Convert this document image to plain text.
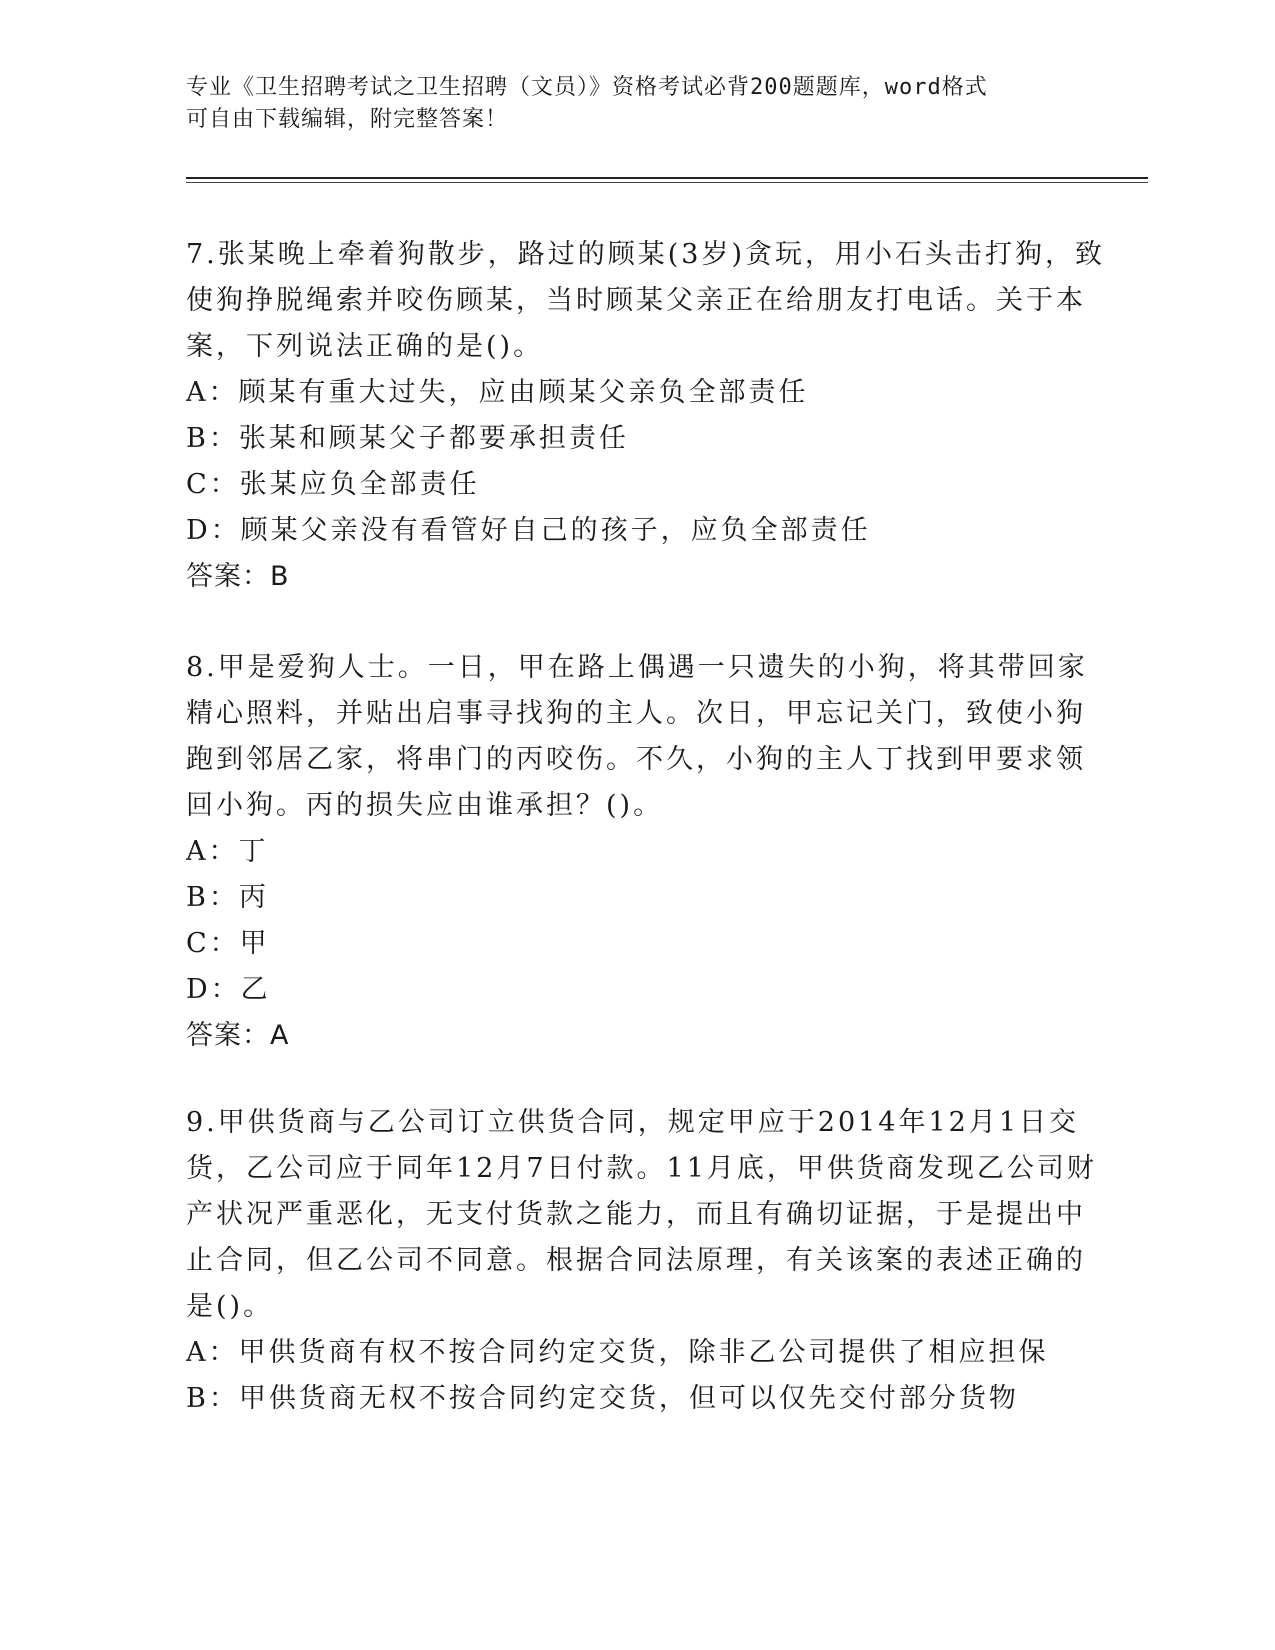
专业《卫生招聘考试之卫生招聘（文员）》资格考试必背200题题库，word格式
可自由下载编辑，附完整答案！
7.张某晚上牵着狗散步，路过的顾某(3岁)贪玩，用小石头击打狗，致
使狗挣脱绳索并咬伤顾某，当时顾某父亲正在给朋友打电话。关于本
案，下列说法正确的是()。
A：顾某有重大过失，应由顾某父亲负全部责任
B：张某和顾某父子都要承担责任
C：张某应负全部责任
D：顾某父亲没有看管好自己的孩子，应负全部责任
答案：B
8.甲是爱狗人士。一日，甲在路上偶遇一只遗失的小狗，将其带回家
精心照料，并贴出启事寻找狗的主人。次日，甲忘记关门，致使小狗
跑到邻居乙家，将串门的丙咬伤。不久，小狗的主人丁找到甲要求领
回小狗。丙的损失应由谁承担？()。
A：丁
B：丙
C：甲
D：乙
答案：A
9.甲供货商与乙公司订立供货合同，规定甲应于2014年12月1日交
货，乙公司应于同年12月7日付款。11月底，甲供货商发现乙公司财
产状况严重恶化，无支付货款之能力，而且有确切证据，于是提出中
止合同，但乙公司不同意。根据合同法原理，有关该案的表述正确的
是()。
A：甲供货商有权不按合同约定交货，除非乙公司提供了相应担保
B：甲供货商无权不按合同约定交货，但可以仅先交付部分货物
